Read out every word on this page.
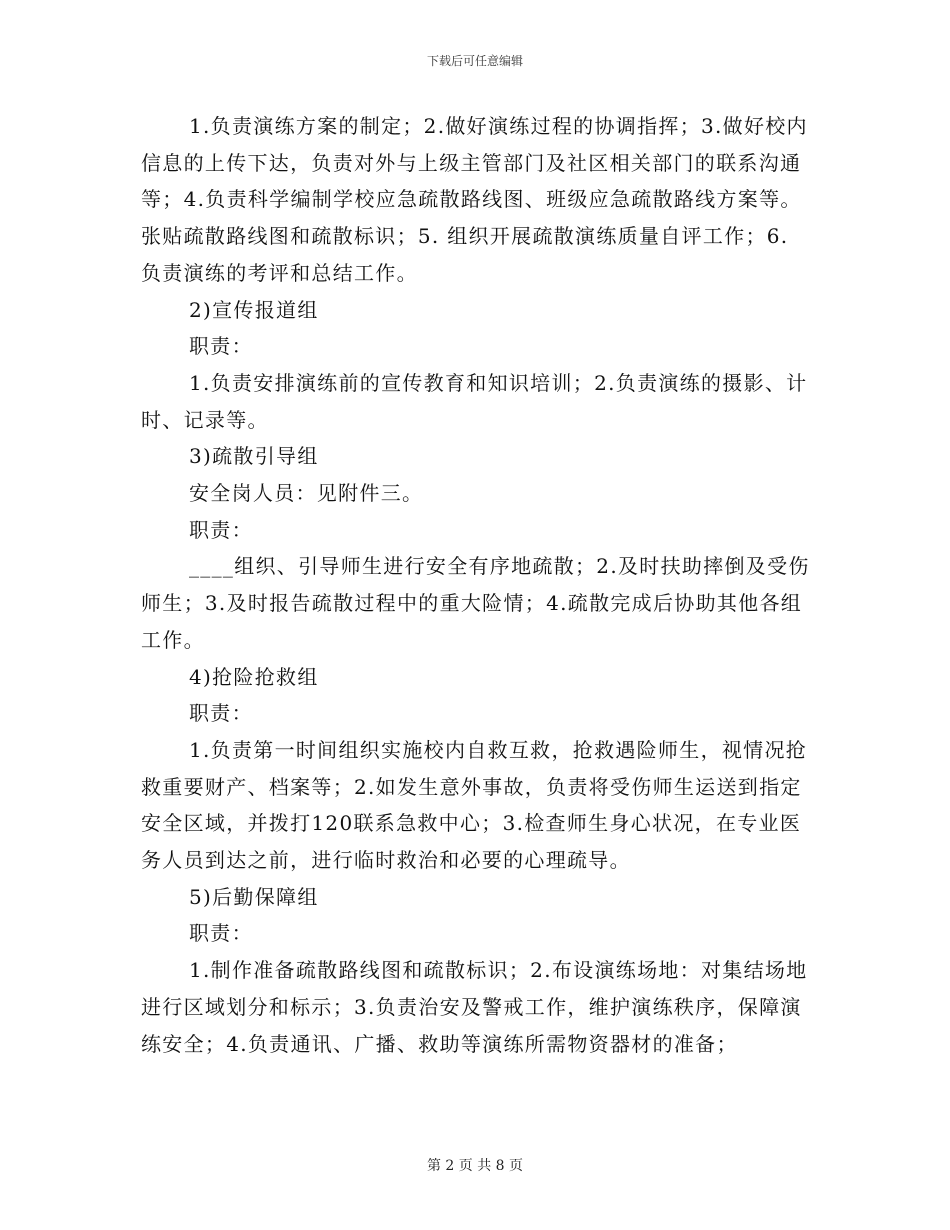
下载后可任意编辑

1.负责演练方案的制定；2.做好演练过程的协调指挥；3.做好校内信息的上传下达，负责对外与上级主管部门及社区相关部门的联系沟通等；4.负责科学编制学校应急疏散路线图、班级应急疏散路线方案等。张贴疏散路线图和疏散标识；5. 组织开展疏散演练质量自评工作；6. 负责演练的考评和总结工作。

2)宣传报道组

职责：

1.负责安排演练前的宣传教育和知识培训；2.负责演练的摄影、计时、记录等。

3)疏散引导组

安全岗人员：见附件三。

职责：

____组织、引导师生进行安全有序地疏散；2.及时扶助摔倒及受伤师生；3.及时报告疏散过程中的重大险情；4.疏散完成后协助其他各组工作。

4)抢险抢救组

职责：

1.负责第一时间组织实施校内自救互救，抢救遇险师生，视情况抢救重要财产、档案等；2.如发生意外事故，负责将受伤师生运送到指定安全区域，并拨打120联系急救中心；3.检查师生身心状况，在专业医务人员到达之前，进行临时救治和必要的心理疏导。

5)后勤保障组

职责：

1.制作准备疏散路线图和疏散标识；2.布设演练场地：对集结场地进行区域划分和标示；3.负责治安及警戒工作，维护演练秩序，保障演练安全；4.负责通讯、广播、救助等演练所需物资器材的准备；

第 2 页 共 8 页
